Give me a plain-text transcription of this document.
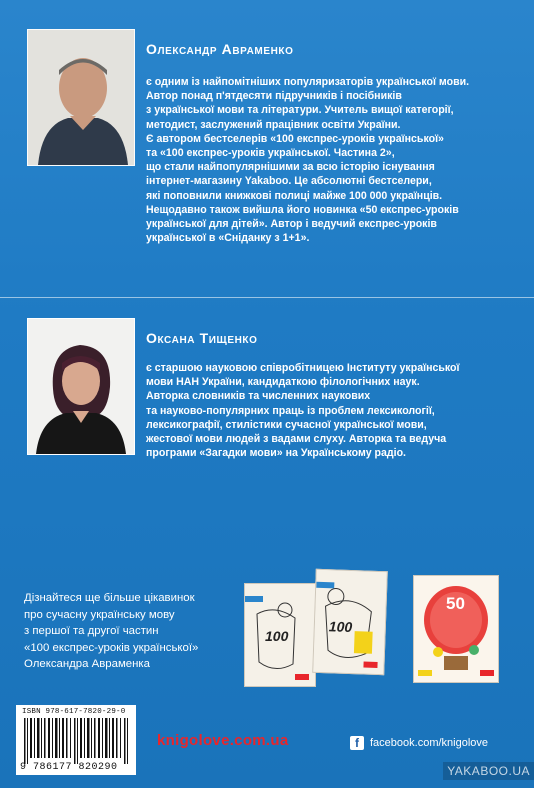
Олександр Авраменко
є одним із найпомітніших популяризаторів української мови.
Автор понад п'ятдесяти підручників і посібників
з української мови та літератури. Учитель вищої категорії,
методист, заслужений працівник освіти України.
Є автором бестселерів «100 експрес-уроків української»
та «100 експрес-уроків української. Частина 2»,
що стали найпопулярнішими за всю історію існування
інтернет-магазину Yakaboo. Це абсолютні бестселери,
які поповнили книжкові полиці майже 100 000 українців.
Нещодавно також вийшла його новинка «50 експрес-уроків
української для дітей». Автор і ведучий експрес-уроків
української в «Сніданку з 1+1».
Оксана Тищенко
є старшою науковою співробітницею Інституту української
мови НАН України, кандидаткою філологічних наук.
Авторка словників та численних наукових
та науково-популярних праць із проблем лексикології,
лексикографії, стилістики сучасної української мови,
жестової мови людей з вадами слуху. Авторка та ведуча
програми «Загадки мови» на Українському радіо.
Дізнайтеся ще більше цікавинок
про сучасну українську мову
з першої та другої частин
«100 експрес-уроків української»
Олександра Авраменка
100
100
50
ISBN 978-617-7820-29-0
9 786177 820290
knigolove.com.ua	f	facebook.com/knigolove
YAKABOO.UA
